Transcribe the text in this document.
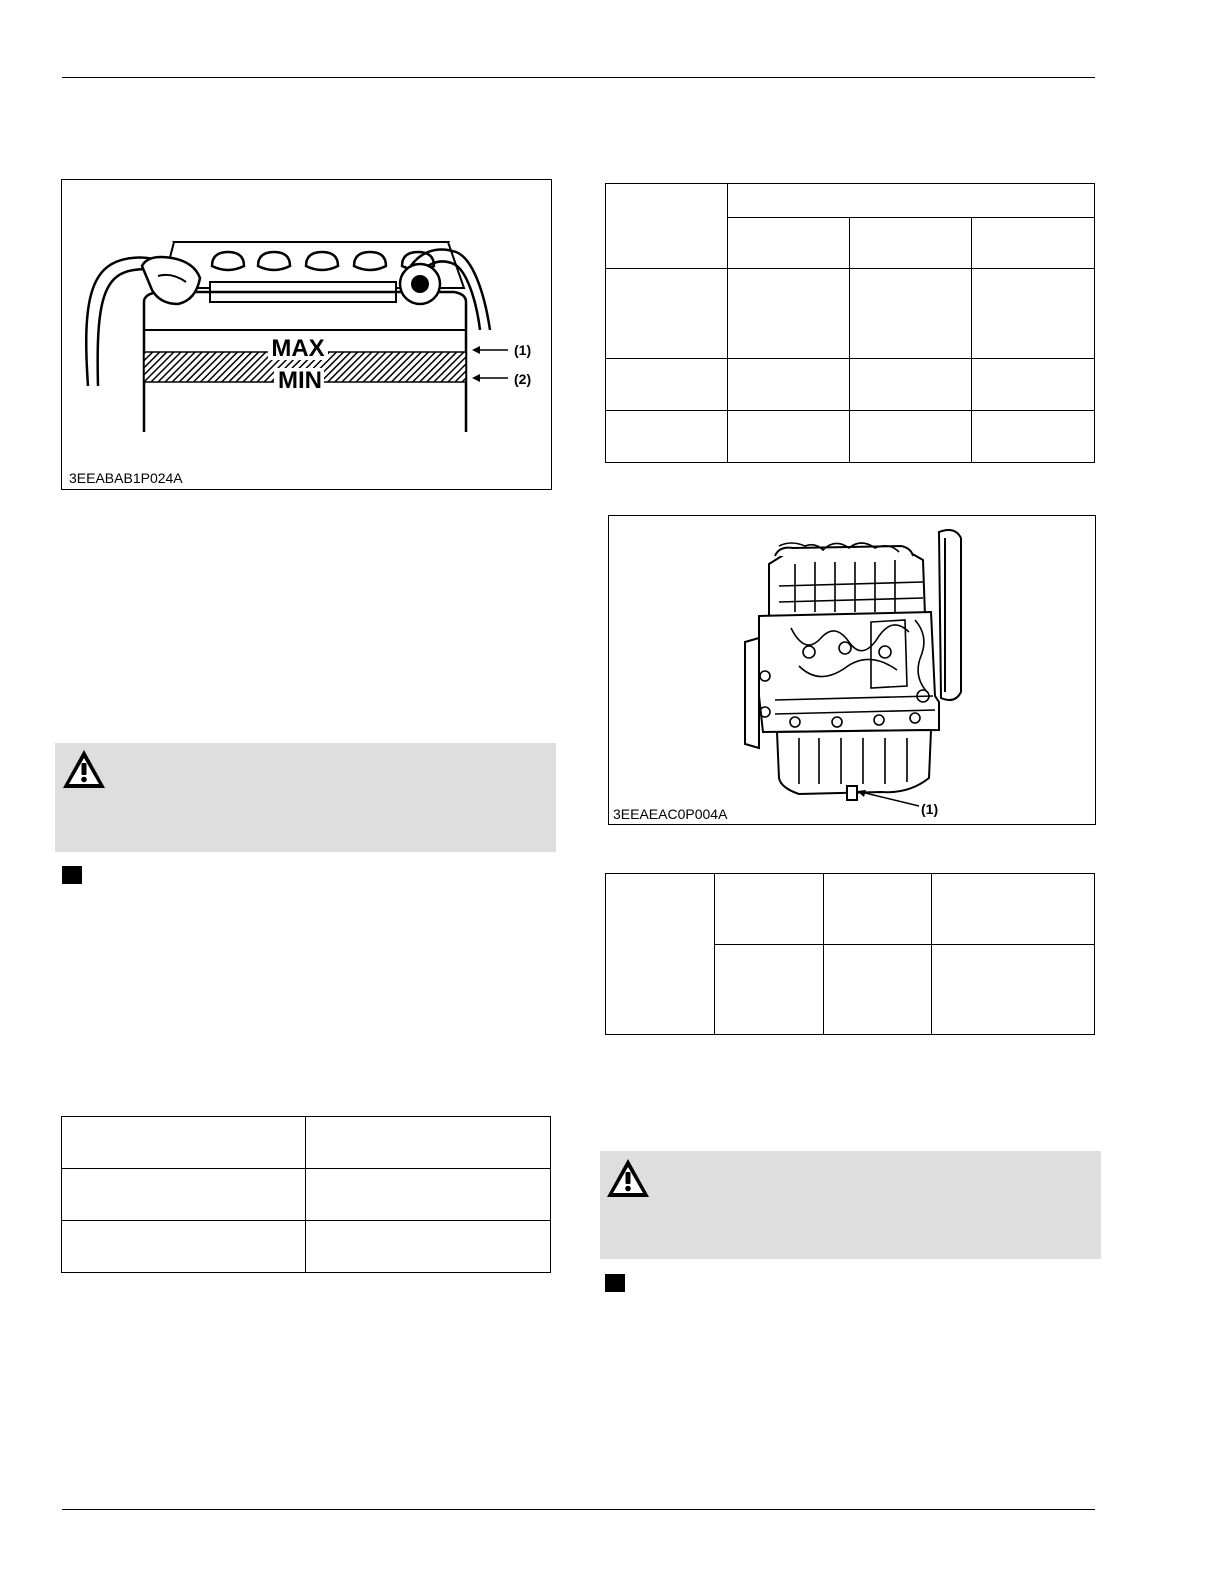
MAX
MIN
(1)
(2)
3EEABAB1P024A

(1)
3EEAEAC0P004A
